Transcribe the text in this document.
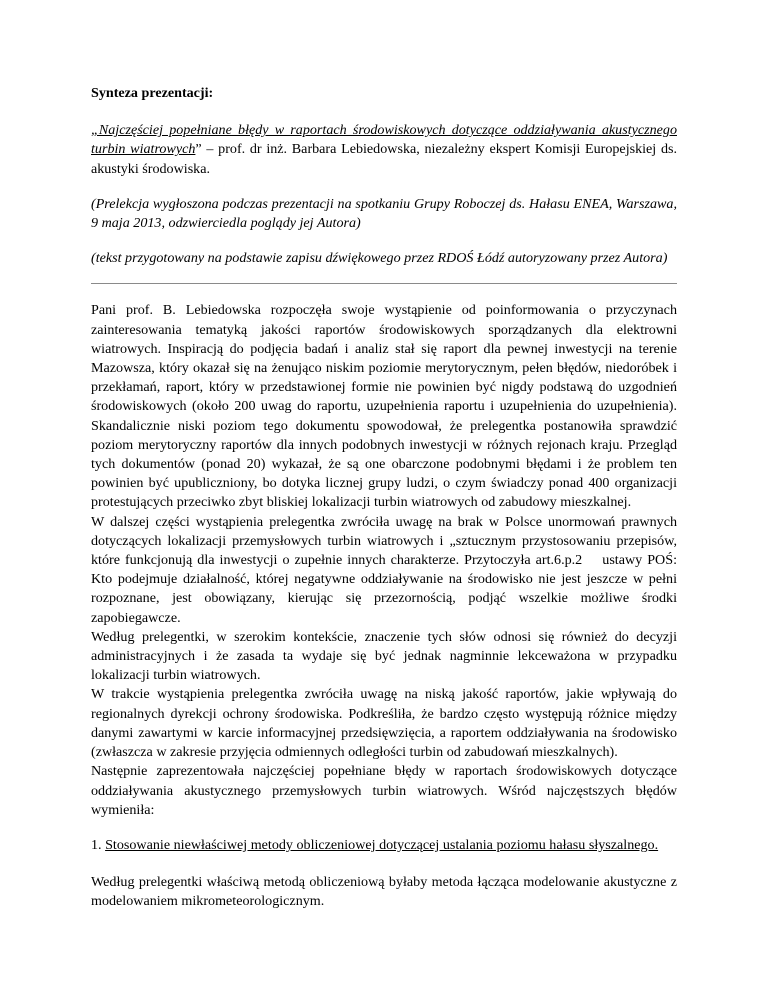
Synteza prezentacji:

„Najczęściej popełniane błędy w raportach środowiskowych dotyczące oddziaływania akustycznego turbin wiatrowych” – prof. dr inż. Barbara Lebiedowska, niezależny ekspert Komisji Europejskiej ds. akustyki środowiska.

(Prelekcja wygłoszona podczas prezentacji na spotkaniu Grupy Roboczej ds. Hałasu ENEA, Warszawa, 9 maja 2013, odzwierciedla poglądy jej Autora)

(tekst przygotowany na podstawie zapisu dźwiękowego przez RDOŚ Łódź autoryzowany przez Autora)

Pani prof. B. Lebiedowska rozpoczęła swoje wystąpienie od poinformowania o przyczynach zainteresowania tematyką jakości raportów środowiskowych sporządzanych dla elektrowni wiatrowych. Inspiracją do podjęcia badań i analiz stał się raport dla pewnej inwestycji na terenie Mazowsza, który okazał się na żenująco niskim poziomie merytorycznym, pełen błędów, niedoróbek i przekłamań, raport, który w przedstawionej formie nie powinien być nigdy podstawą do uzgodnień środowiskowych (około 200 uwag do raportu, uzupełnienia raportu i uzupełnienia do uzupełnienia). Skandalicznie niski poziom tego dokumentu spowodował, że prelegentka postanowiła sprawdzić poziom merytoryczny raportów dla innych podobnych inwestycji w różnych rejonach kraju. Przegląd tych dokumentów (ponad 20) wykazał, że są one obarczone podobnymi błędami i że problem ten powinien być upubliczniony, bo dotyka licznej grupy ludzi, o czym świadczy ponad 400 organizacji protestujących przeciwko zbyt bliskiej lokalizacji turbin wiatrowych od zabudowy mieszkalnej.

W dalszej części wystąpienia prelegentka zwróciła uwagę na brak w Polsce unormowań prawnych dotyczących lokalizacji przemysłowych turbin wiatrowych i „sztucznym przystosowaniu przepisów, które funkcjonują dla inwestycji o zupełnie innych charakterze. Przytoczyła art.6.p.2    ustawy POŚ:     Kto podejmuje działalność, której negatywne oddziaływanie na środowisko nie jest jeszcze w pełni rozpoznane, jest obowiązany, kierując się przezornością, podjąć wszelkie możliwe środki zapobiegawcze.

Według prelegentki, w szerokim kontekście, znaczenie tych słów odnosi się również do decyzji administracyjnych i że zasada ta wydaje się być jednak nagminnie lekceważona w przypadku lokalizacji turbin wiatrowych.

W trakcie wystąpienia prelegentka zwróciła uwagę na niską jakość raportów, jakie wpływają do regionalnych dyrekcji ochrony środowiska. Podkreśliła, że bardzo często występują różnice między danymi zawartymi w karcie informacyjnej przedsięwzięcia, a raportem oddziaływania na środowisko (zwłaszcza w zakresie przyjęcia odmiennych odległości turbin od zabudowań mieszkalnych).

Następnie zaprezentowała najczęściej popełniane błędy w raportach środowiskowych dotyczące oddziaływania akustycznego przemysłowych turbin wiatrowych. Wśród najczęstszych błędów wymieniła:

1. Stosowanie niewłaściwej metody obliczeniowej dotyczącej ustalania poziomu hałasu słyszalnego.

Według prelegentki właściwą metodą obliczeniową byłaby metoda łącząca modelowanie akustyczne z modelowaniem mikrometeorologicznym.
